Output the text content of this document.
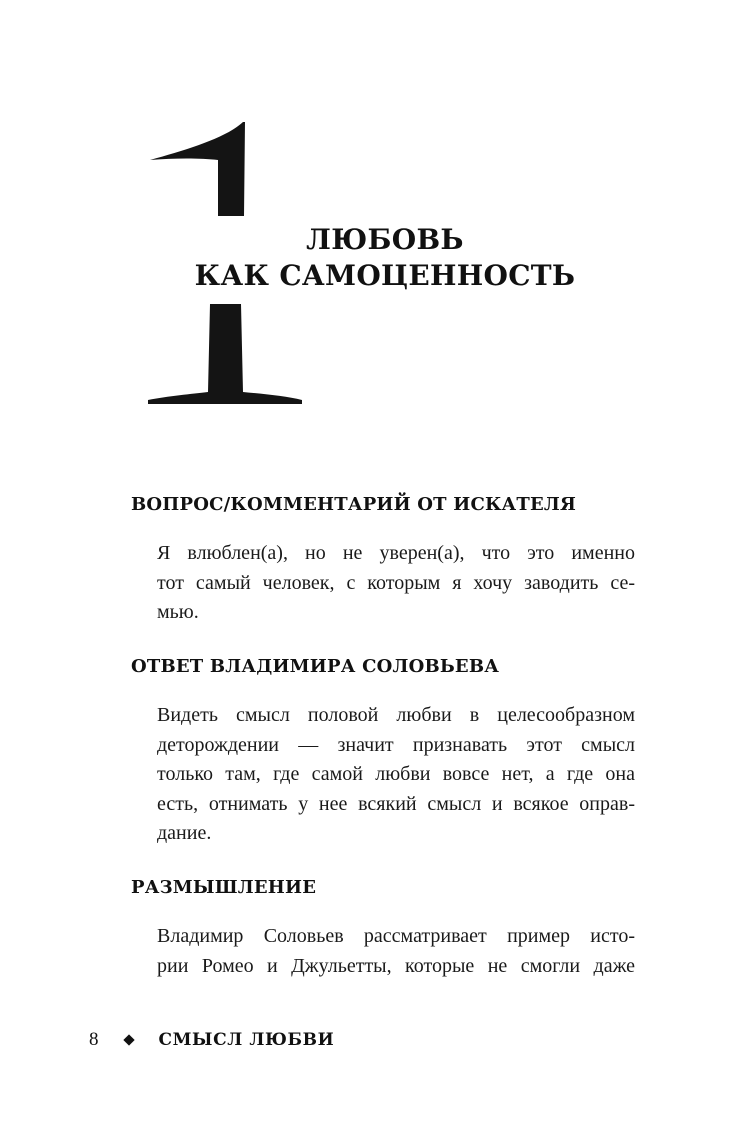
ЛЮБОВЬ
КАК САМОЦЕННОСТЬ
ВОПРОС/КОММЕНТАРИЙ ОТ ИСКАТЕЛЯ
Я влюблен(а), но не уверен(а), что это именно
тот самый человек, с которым я хочу заводить се-
мью.
ОТВЕТ ВЛАДИМИРА СОЛОВЬЕВА
Видеть смысл половой любви в целесообразном
деторождении — значит признавать этот смысл
только там, где самой любви вовсе нет, а где она
есть, отнимать у нее всякий смысл и всякое оправ-
дание.
РАЗМЫШЛЕНИЕ
Владимир Соловьев рассматривает пример исто-
рии Ромео и Джульетты, которые не смогли даже
8	СМЫСЛ ЛЮБВИ
